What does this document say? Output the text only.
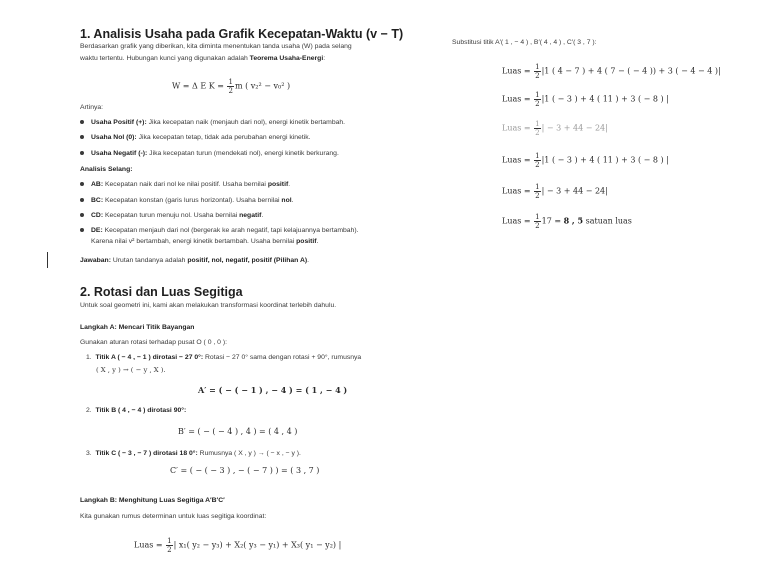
1. Analisis Usaha pada Grafik Kecepatan-Waktu (v − T)
Berdasarkan grafik yang diberikan, kita diminta menentukan tanda usaha (W) pada selang
waktu tertentu. Hubungan kunci yang digunakan adalah Teorema Usaha-Energi:
W = Δ E $K = \frac{1}{2}$ m ( v₂² − v₀² )
Artinya:
Usaha Positif (+): Jika kecepatan naik (menjauh dari nol), energi kinetik bertambah.
Usaha Nol (0): Jika kecepatan tetap, tidak ada perubahan energi kinetik.
Usaha Negatif (-): Jika kecepatan turun (mendekati nol), energi kinetik berkurang.
Analisis Selang:
AB: Kecepatan naik dari nol ke nilai positif. Usaha bernilai positif.
BC: Kecepatan konstan (garis lurus horizontal). Usaha bernilai nol.
CD: Kecepatan turun menuju nol. Usaha bernilai negatif.
DE: Kecepatan menjauh dari nol (bergerak ke arah negatif, tapi kelajuannya bertambah).
Karena nilai v² bertambah, energi kinetik bertambah. Usaha bernilai positif.
Jawaban: Urutan tandanya adalah positif, nol, negatif, positif (Pilihan A).
2. Rotasi dan Luas Segitiga
Untuk soal geometri ini, kami akan melakukan transformasi koordinat terlebih dahulu.
Langkah A: Mencari Titik Bayangan
Gunakan aturan rotasi terhadap pusat O ( 0 , 0 ):
1. Titik A ( − 4 , − 1 ) dirotasi − 27 0°: Rotasi − 27 0° sama dengan rotasi + 90°, rumusnya
( X , y ) → ( − y , X ).
A′ = ( − ( − 1 ) , − 4 ) = ( 1 , − 4 )
2. Titik B ( 4 , − 4 ) dirotasi 90°:
B′ = ( − ( − 4 ) , 4 ) = ( 4 , 4 )
3. Titik C ( − 3 , − 7 ) dirotasi 18 0°: Rumusnya ( X , y ) → ( − x , − y ).
C′ = ( − ( − 3 ) , − ( − 7 ) ) = ( 3 , 7 )
Langkah B: Menghitung Luas Segitiga A′B′C′
Kita gunakan rumus determinan untuk luas segitiga koordinat:
Luas = $\frac{1}{2}$ | x₁( y₂ − y₃) + X₂( y₃ − y₁) + X₃( y₁ − y₂) |
Substitusi titik A′( 1 , − 4 ) , B′( 4 , 4 ) , C′( 3 , 7 ):
Luas = $\frac{1}{2} |1$ ( 4 − 7 ) + 4 ( 7 − ( − 4 )) + 3 ( − 4 − 4 )|
Luas = $\frac{1}{2} |1$ ( − 3 ) + 4 ( 11 ) + 3 ( − 8 ) |
Luas = $\frac{1}{2}$ | − 3 + 44 − 24|
Luas = $\frac{1}{2} |1$ ( − 3 ) + 4 ( 11 ) + 3 ( − 8 ) |
Luas = $\frac{1}{2}$ | − 3 + 44 − 24|
Luas = $\frac{1}{2} 17 = 8$ , 5 satuan luas
